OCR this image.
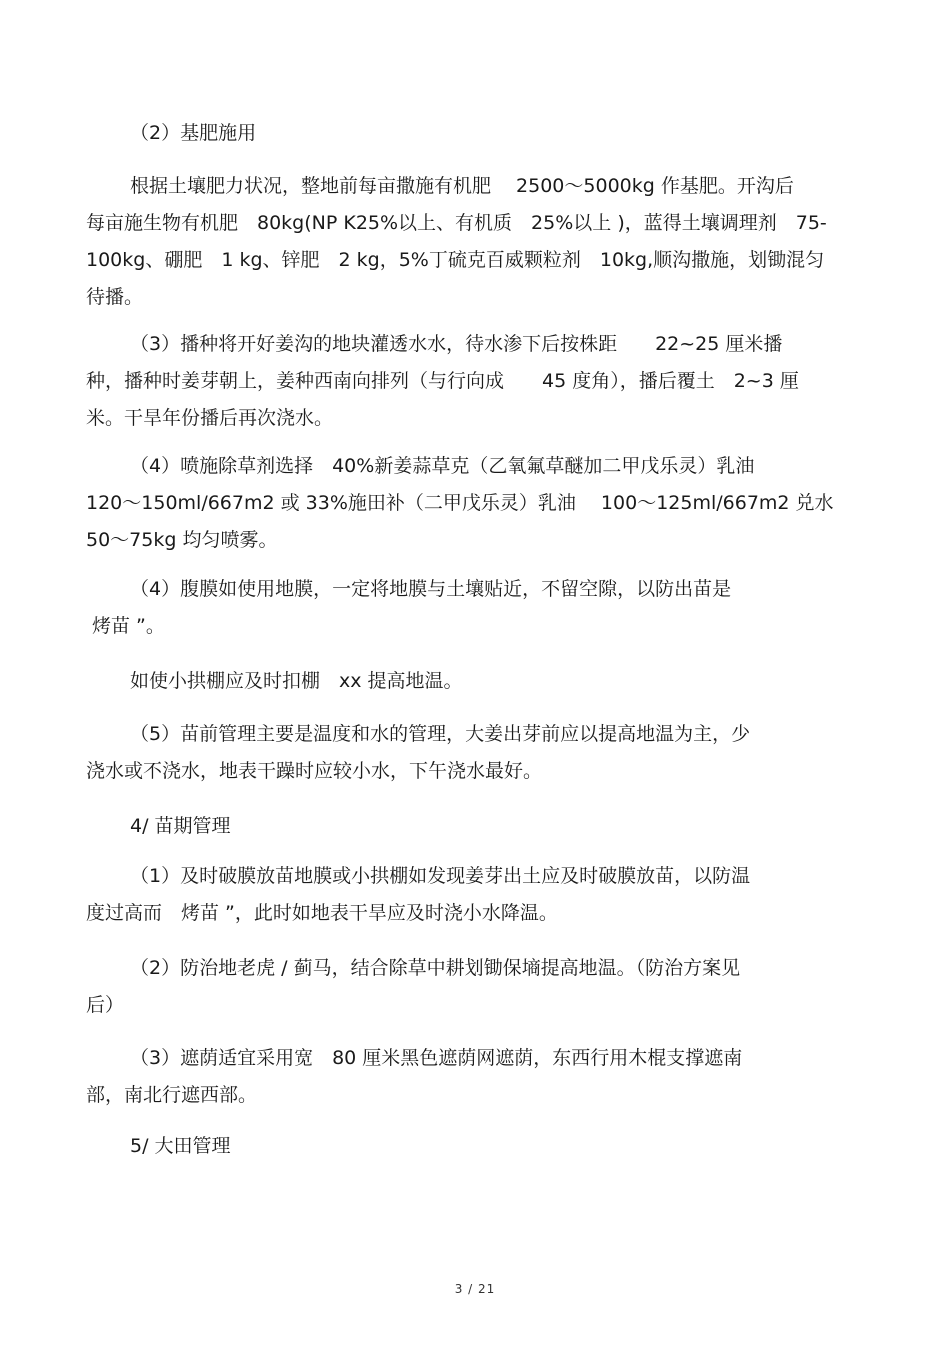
（2）基肥施用

根据土壤肥力状况，整地前每亩撒施有机肥　 2500～5000kg 作基肥。开沟后
每亩施生物有机肥　80kg(NP K25%以上、有机质　25%以上 )，蓝得土壤调理剂　75-
100kg、硼肥　1 kg、锌肥　2 kg，5%丁硫克百威颗粒剂　10kg,顺沟撒施，划锄混匀
待播。

（3）播种将开好姜沟的地块灌透水水，待水渗下后按株距　　22~25 厘米播
种，播种时姜芽朝上，姜种西南向排列（与行向成　　45 度角），播后覆土　2~3 厘
米。干旱年份播后再次浇水。

（4）喷施除草剂选择　40%新姜蒜草克（乙氧氟草醚加二甲戊乐灵）乳油
120～150ml/667m2 或 33%施田补（二甲戊乐灵）乳油　 100～125ml/667m2 兑水
50～75kg 均匀喷雾。

（4）腹膜如使用地膜，一定将地膜与土壤贴近，不留空隙，以防出苗是
烤苗 ”。

如使小拱棚应及时扣棚　xx 提高地温。

（5）苗前管理主要是温度和水的管理，大姜出芽前应以提高地温为主，少
浇水或不浇水，地表干躁时应较小水，下午浇水最好。

4/ 苗期管理

（1）及时破膜放苗地膜或小拱棚如发现姜芽出土应及时破膜放苗，以防温
度过高而　烤苗 ”，此时如地表干旱应及时浇小水降温。

（2）防治地老虎 / 蓟马，结合除草中耕划锄保墒提高地温。（防治方案见
后）

（3）遮荫适宜采用宽　80 厘米黑色遮荫网遮荫，东西行用木棍支撑遮南
部，南北行遮西部。

5/ 大田管理

3 / 21
